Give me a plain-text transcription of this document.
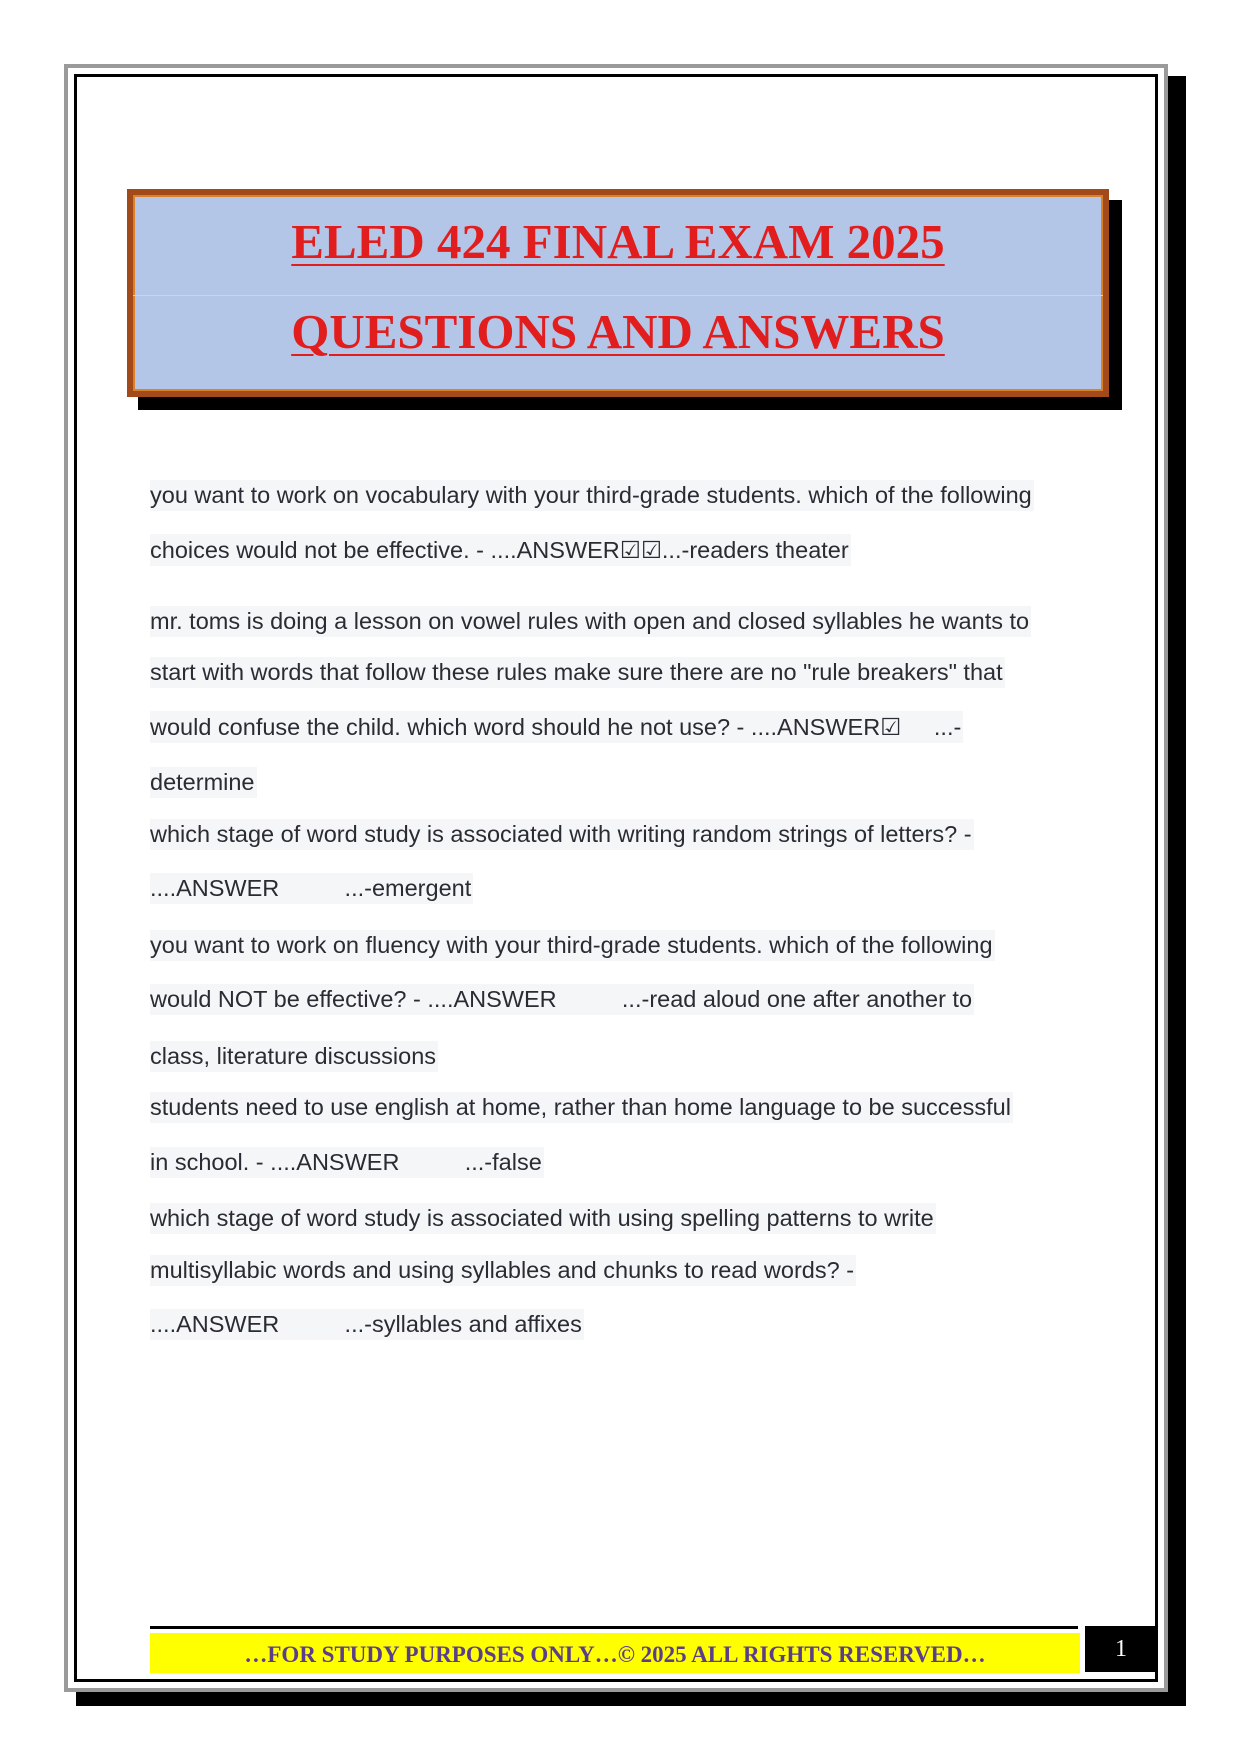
ELED 424 FINAL EXAM 2025
QUESTIONS AND ANSWERS
you want to work on vocabulary with your third-grade students. which of the following
choices would not be effective. - ....ANSWER☑☑...-readers theater
mr. toms is doing a lesson on vowel rules with open and closed syllables he wants to
start with words that follow these rules make sure there are no "rule breakers" that
would confuse the child. which word should he not use? - ....ANSWER☑     ...-
determine
which stage of word study is associated with writing random strings of letters? -
....ANSWER          ...-emergent
you want to work on fluency with your third-grade students. which of the following
would NOT be effective? - ....ANSWER          ...-read aloud one after another to
class, literature discussions
students need to use english at home, rather than home language to be successful
in school. - ....ANSWER          ...-false
which stage of word study is associated with using spelling patterns to write
multisyllabic words and using syllables and chunks to read words? -
....ANSWER          ...-syllables and affixes
…FOR STUDY PURPOSES ONLY…© 2025 ALL RIGHTS RESERVED…	1
